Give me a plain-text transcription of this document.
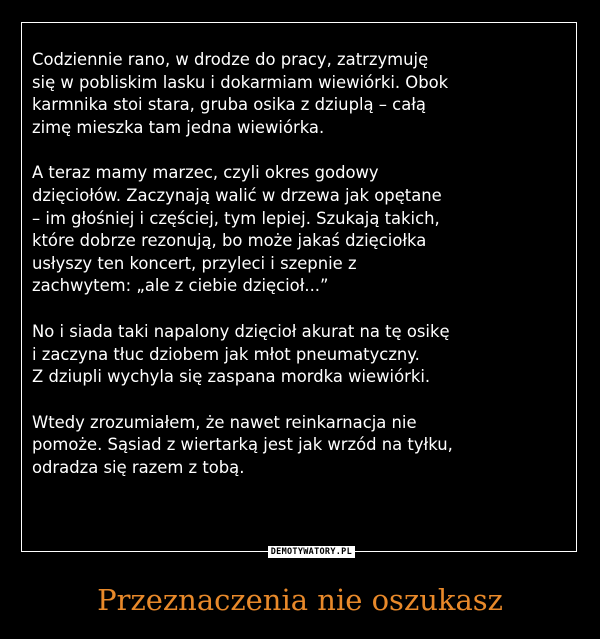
Codziennie rano, w drodze do pracy, zatrzymuję
się w pobliskim lasku i dokarmiam wiewiórki. Obok
karmnika stoi stara, gruba osika z dziuplą – całą
zimę mieszka tam jedna wiewiórka.

A teraz mamy marzec, czyli okres godowy
dzięciołów. Zaczynają walić w drzewa jak opętane
– im głośniej i częściej, tym lepiej. Szukają takich,
które dobrze rezonują, bo może jakaś dzięciołka
usłyszy ten koncert, przyleci i szepnie z
zachwytem: „ale z ciebie dzięcioł...”

No i siada taki napalony dzięcioł akurat na tę osikę
i zaczyna tłuc dziobem jak młot pneumatyczny.
Z dziupli wychyla się zaspana mordka wiewiórki.

Wtedy zrozumiałem, że nawet reinkarnacja nie
pomoże. Sąsiad z wiertarką jest jak wrzód na tyłku,
odradza się razem z tobą.

DEMOTYWATORY.PL
Przeznaczenia nie oszukasz
